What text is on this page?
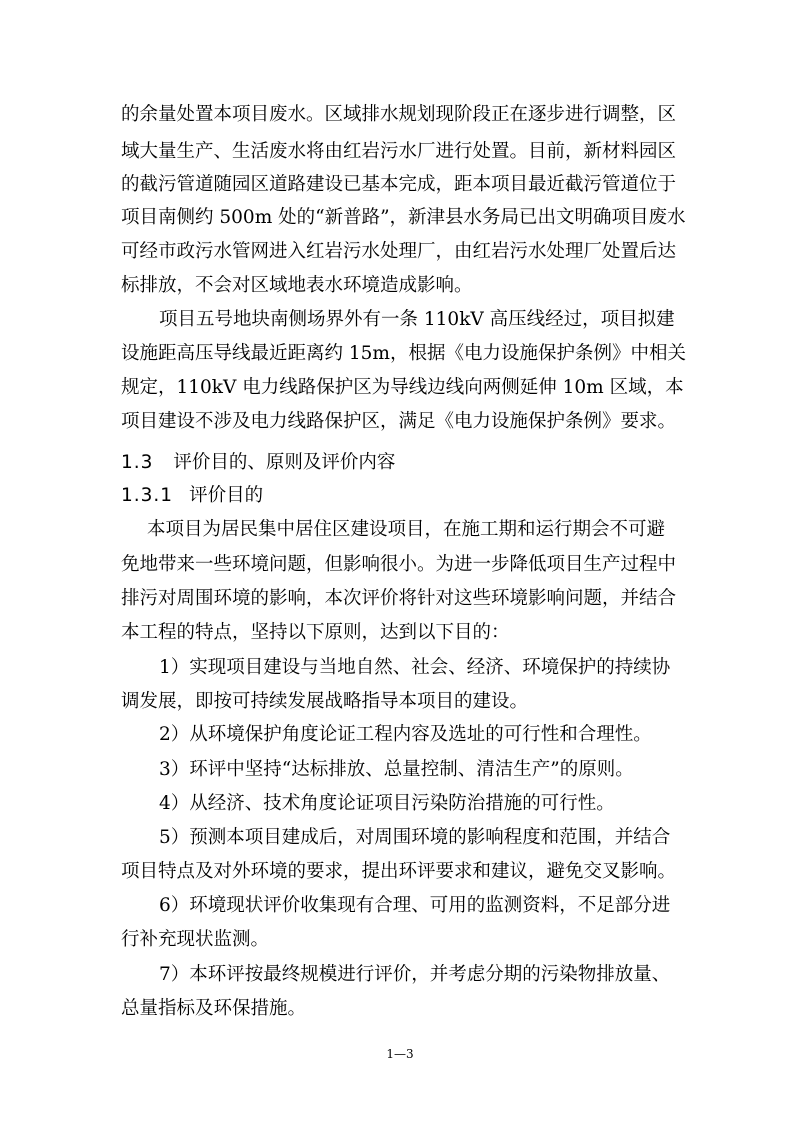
的余量处置本项目废水。区域排水规划现阶段正在逐步进行调整，区
域大量生产、生活废水将由红岩污水厂进行处置。目前，新材料园区
的截污管道随园区道路建设已基本完成，距本项目最近截污管道位于
项目南侧约 500m 处的“新普路”，新津县水务局已出文明确项目废水
可经市政污水管网进入红岩污水处理厂，由红岩污水处理厂处置后达
标排放，不会对区域地表水环境造成影响。
项目五号地块南侧场界外有一条 110kV 高压线经过，项目拟建
设施距高压导线最近距离约 15m，根据《电力设施保护条例》中相关
规定，110kV 电力线路保护区为导线边线向两侧延伸 10m 区域，本
项目建设不涉及电力线路保护区，满足《电力设施保护条例》要求。
1.3 评价目的、原则及评价内容
1.3.1 评价目的
本项目为居民集中居住区建设项目，在施工期和运行期会不可避
免地带来一些环境问题，但影响很小。为进一步降低项目生产过程中
排污对周围环境的影响，本次评价将针对这些环境影响问题，并结合
本工程的特点，坚持以下原则，达到以下目的：
1）实现项目建设与当地自然、社会、经济、环境保护的持续协
调发展，即按可持续发展战略指导本项目的建设。
2）从环境保护角度论证工程内容及选址的可行性和合理性。
3）环评中坚持“达标排放、总量控制、清洁生产”的原则。
4）从经济、技术角度论证项目污染防治措施的可行性。
5）预测本项目建成后，对周围环境的影响程度和范围，并结合
项目特点及对外环境的要求，提出环评要求和建议，避免交叉影响。
6）环境现状评价收集现有合理、可用的监测资料，不足部分进
行补充现状监测。
7）本环评按最终规模进行评价，并考虑分期的污染物排放量、
总量指标及环保措施。
1—3
